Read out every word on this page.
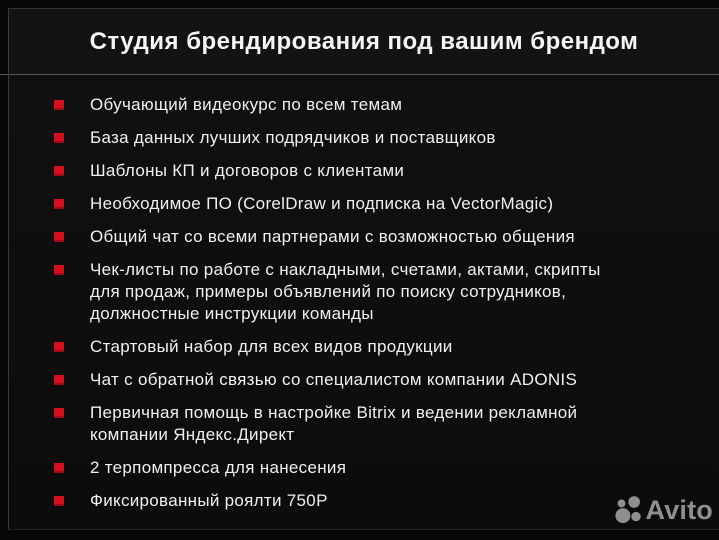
Студия брендирования под вашим брендом
Обучающий видеокурс по всем темам
База данных лучших подрядчиков и поставщиков
Шаблоны КП и договоров с клиентами
Необходимое ПО (CorelDraw и подписка на VectorMagic)
Общий чат со всеми партнерами с возможностью общения
Чек-листы по работе с накладными, счетами, актами, скрипты для продаж, примеры объявлений по поиску сотрудников, должностные инструкции команды
Стартовый набор для всех видов продукции
Чат с обратной связью со специалистом компании ADONIS
Первичная помощь в настройке Bitrix и ведении рекламной компании Яндекс.Директ
2 терпомпресса для нанесения
Фиксированный роялти 750Р	Avito
